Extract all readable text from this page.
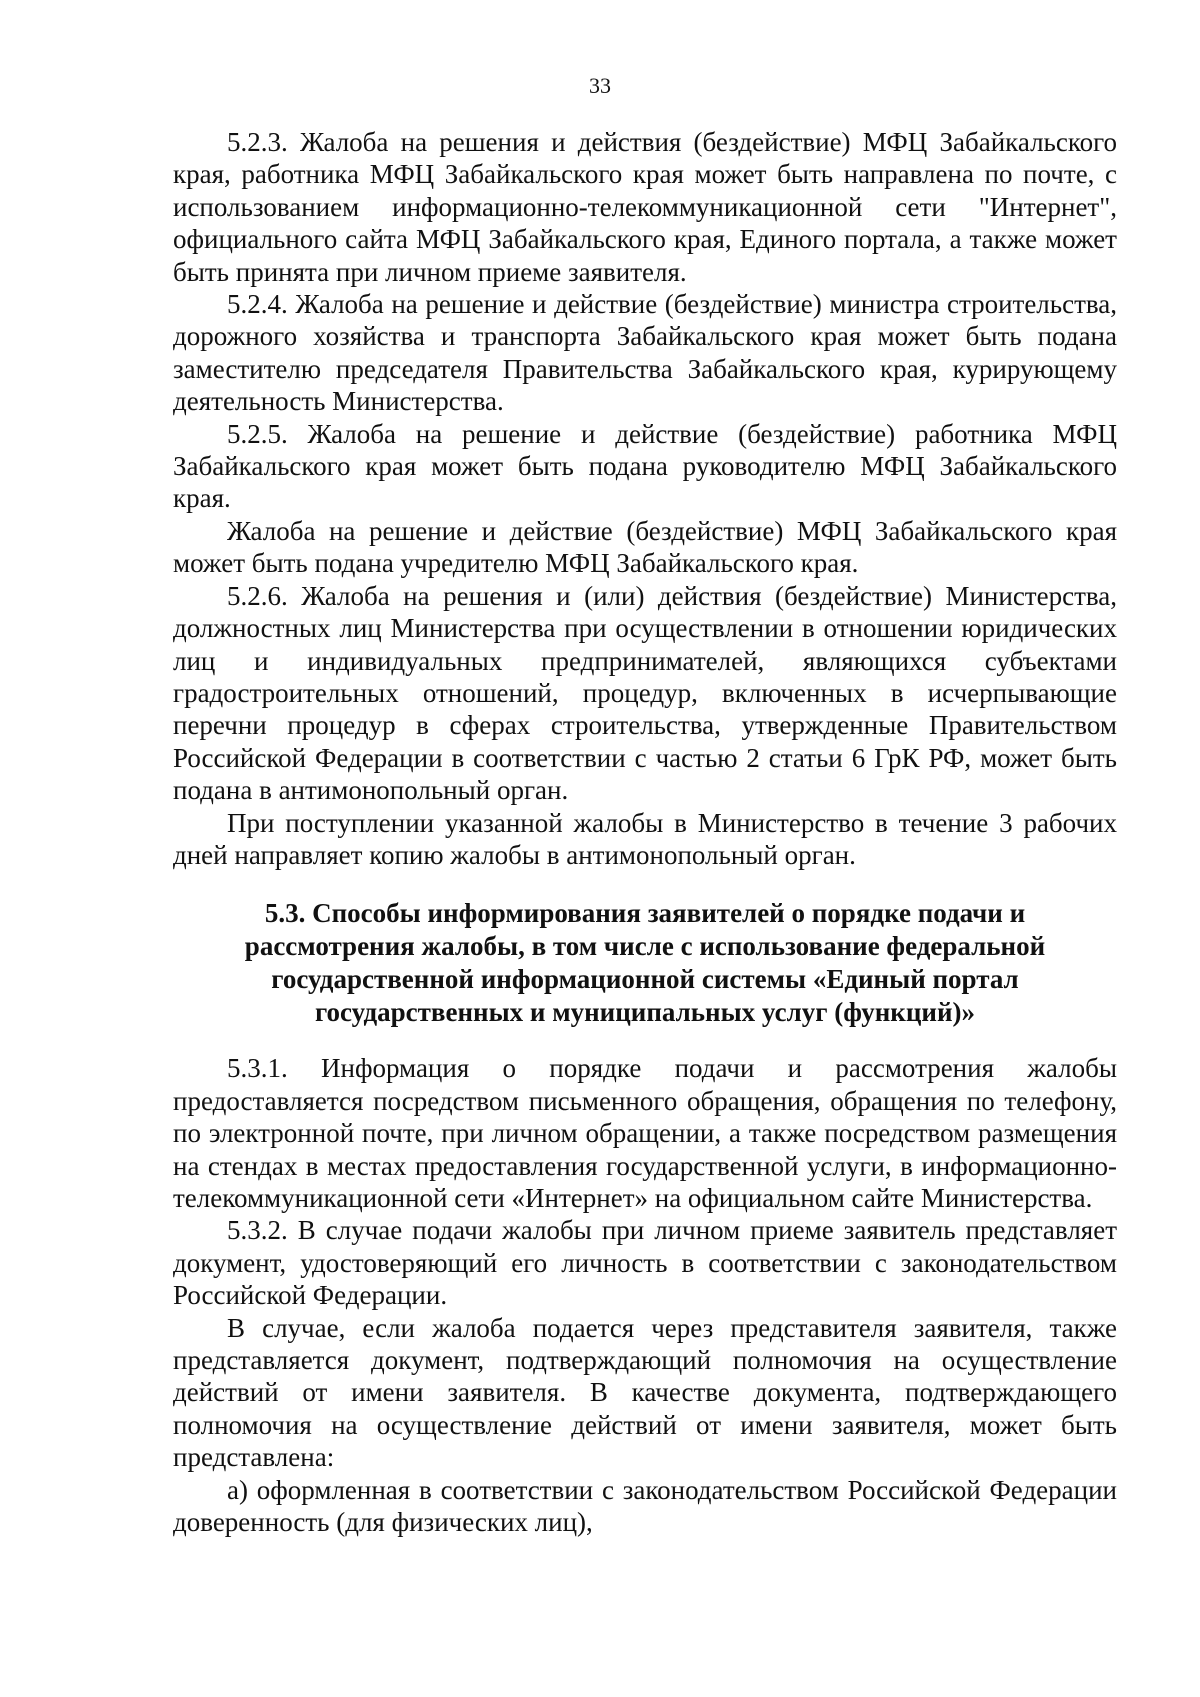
33

5.2.3. Жалоба на решения и действия (бездействие) МФЦ Забайкальского края, работника МФЦ Забайкальского края может быть направлена по почте, с использованием информационно-телекоммуникационной сети "Интернет", официального сайта МФЦ Забайкальского края, Единого портала, а также может быть принята при личном приеме заявителя.

5.2.4. Жалоба на решение и действие (бездействие) министра строительства, дорожного хозяйства и транспорта Забайкальского края может быть подана заместителю председателя Правительства Забайкальского края, курирующему деятельность Министерства.

5.2.5. Жалоба на решение и действие (бездействие) работника МФЦ Забайкальского края может быть подана руководителю МФЦ Забайкальского края.

Жалоба на решение и действие (бездействие) МФЦ Забайкальского края может быть подана учредителю МФЦ Забайкальского края.

5.2.6. Жалоба на решения и (или) действия (бездействие) Министерства, должностных лиц Министерства при осуществлении в отношении юридических лиц и индивидуальных предпринимателей, являющихся субъектами градостроительных отношений, процедур, включенных в исчерпывающие перечни процедур в сферах строительства, утвержденные Правительством Российской Федерации в соответствии с частью 2 статьи 6 ГрК РФ, может быть подана в антимонопольный орган.

При поступлении указанной жалобы в Министерство в течение 3 рабочих дней направляет копию жалобы в антимонопольный орган.

5.3. Способы информирования заявителей о порядке подачи и рассмотрения жалобы, в том числе с использование федеральной государственной информационной системы «Единый портал государственных и муниципальных услуг (функций)»

5.3.1. Информация о порядке подачи и рассмотрения жалобы предоставляется посредством письменного обращения, обращения по телефону, по электронной почте, при личном обращении, а также посредством размещения на стендах в местах предоставления государственной услуги, в информационно-телекоммуникационной сети «Интернет» на официальном сайте Министерства.

5.3.2. В случае подачи жалобы при личном приеме заявитель представляет документ, удостоверяющий его личность в соответствии с законодательством Российской Федерации.

В случае, если жалоба подается через представителя заявителя, также представляется документ, подтверждающий полномочия на осуществление действий от имени заявителя. В качестве документа, подтверждающего полномочия на осуществление действий от имени заявителя, может быть представлена:

а) оформленная в соответствии с законодательством Российской Федерации доверенность (для физических лиц),
